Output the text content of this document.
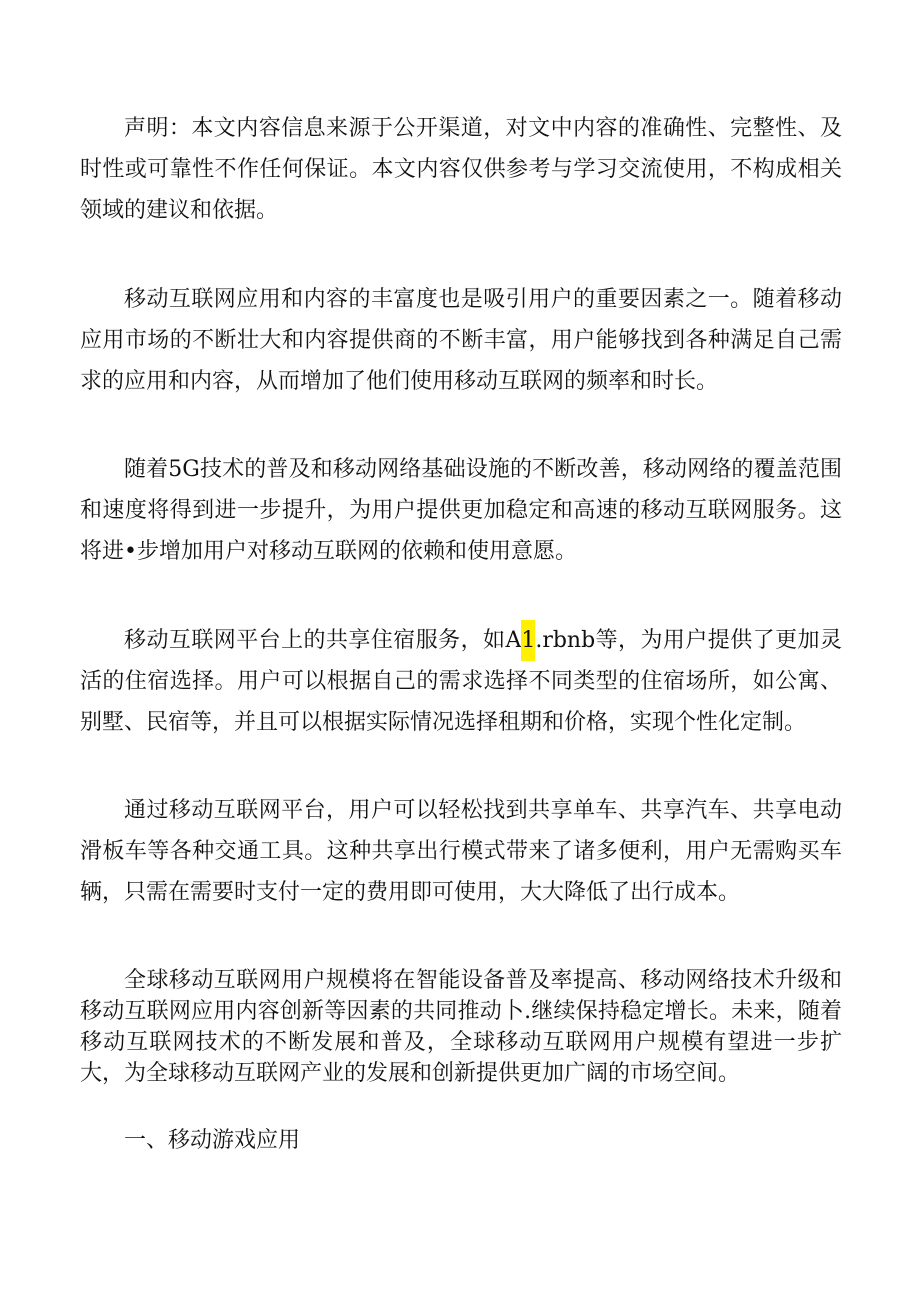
声明：本文内容信息来源于公开渠道，对文中内容的准确性、完整性、及时性或可靠性不作任何保证。本文内容仅供参考与学习交流使用，不构成相关领域的建议和依据。

移动互联网应用和内容的丰富度也是吸引用户的重要因素之一。随着移动应用市场的不断壮大和内容提供商的不断丰富，用户能够找到各种满足自己需求的应用和内容，从而增加了他们使用移动互联网的频率和时长。

随着5G技术的普及和移动网络基础设施的不断改善，移动网络的覆盖范围和速度将得到进一步提升，为用户提供更加稳定和高速的移动互联网服务。这将进•步增加用户对移动互联网的依赖和使用意愿。

移动互联网平台上的共享住宿服务，如A1.rbnb等，为用户提供了更加灵活的住宿选择。用户可以根据自己的需求选择不同类型的住宿场所，如公寓、别墅、民宿等，并且可以根据实际情况选择租期和价格，实现个性化定制。

通过移动互联网平台，用户可以轻松找到共享单车、共享汽车、共享电动滑板车等各种交通工具。这种共享出行模式带来了诸多便利，用户无需购买车辆，只需在需要时支付一定的费用即可使用，大大降低了出行成本。

全球移动互联网用户规模将在智能设备普及率提高、移动网络技术升级和移动互联网应用内容创新等因素的共同推动卜.继续保持稳定增长。未来，随着移动互联网技术的不断发展和普及，全球移动互联网用户规模有望进一步扩大，为全球移动互联网产业的发展和创新提供更加广阔的市场空间。

一、移动游戏应用
